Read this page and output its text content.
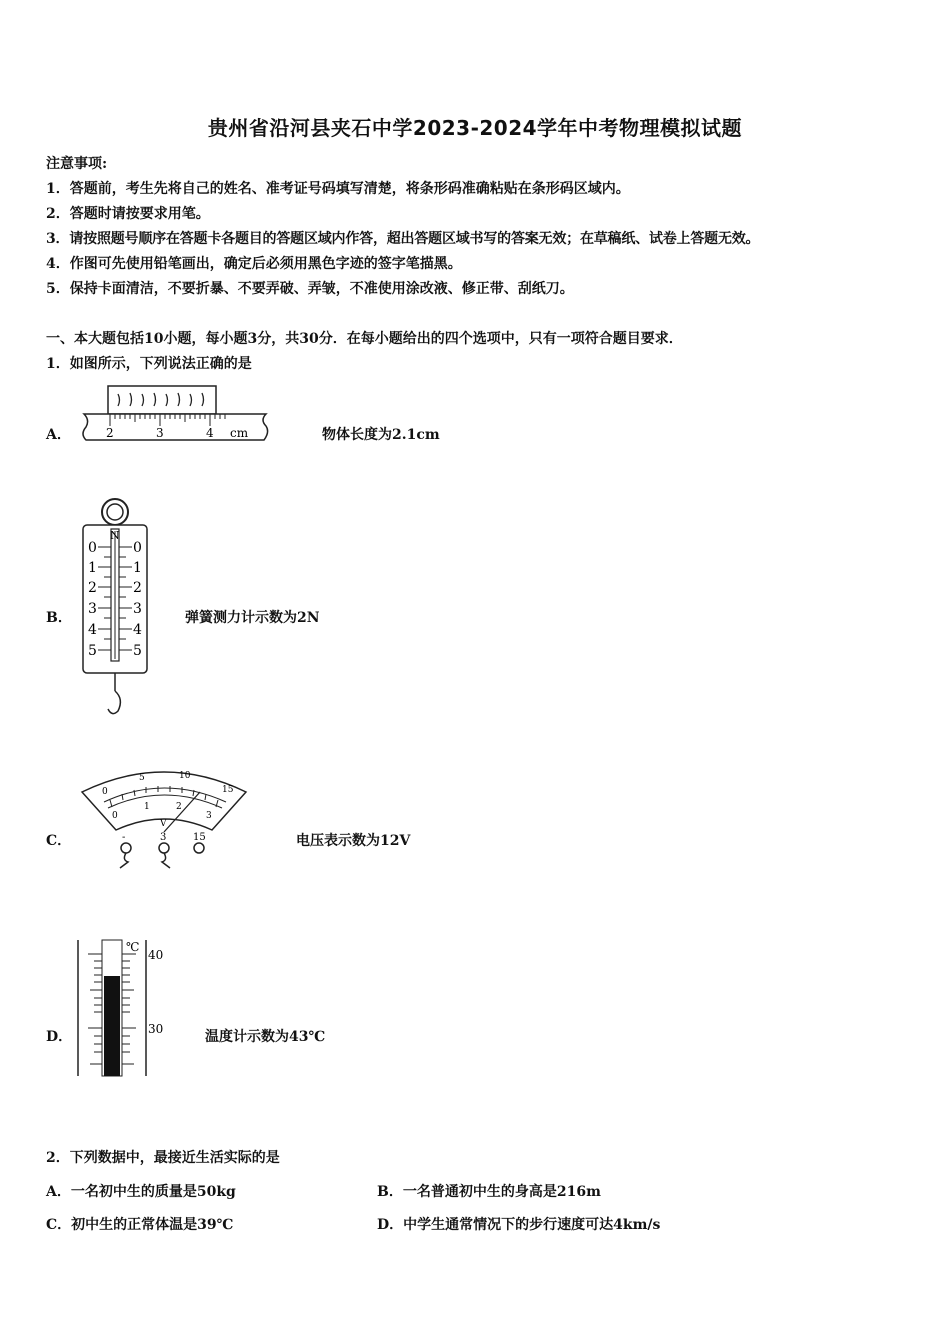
贵州省沿河县夹石中学2023-2024学年中考物理模拟试题
注意事项:
1．答题前，考生先将自己的姓名、准考证号码填写清楚，将条形码准确粘贴在条形码区域内。
2．答题时请按要求用笔。
3．请按照题号顺序在答题卡各题目的答题区域内作答，超出答题区域书写的答案无效；在草稿纸、试卷上答题无效。
4．作图可先使用铅笔画出，确定后必须用黑色字迹的签字笔描黑。
5．保持卡面清洁，不要折暴、不要弄破、弄皱，不准使用涂改液、修正带、刮纸刀。
一、本大题包括10小题，每小题3分，共30分．在每小题给出的四个选项中，只有一项符合题目要求．
1．如图所示，下列说法正确的是
A．	2	3	4 cm	物体长度为2.1cm
B．
N
0
1
2
3
4
5
0
1
2
3
4
5
弹簧测力计示数为2N
C．
0
5	10
15
0
1	2
3
V
-	3	15	电压表示数为12V
D．
℃
40
30	温度计示数为43℃
2．下列数据中，最接近生活实际的是
A．一名初中生的质量是50kg	B．一名普通初中生的身高是216m
C．初中生的正常体温是39℃	D．中学生通常情况下的步行速度可达4km/s
